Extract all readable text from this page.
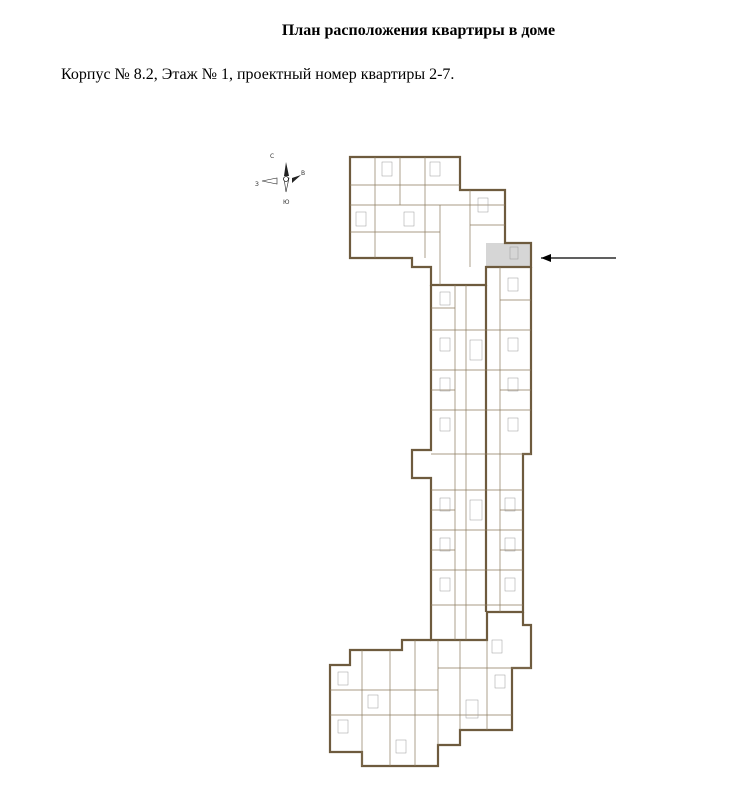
План расположения квартиры в доме
Корпус № 8.2, Этаж № 1, проектный номер квартиры 2-7.
С
Ю
З
В
